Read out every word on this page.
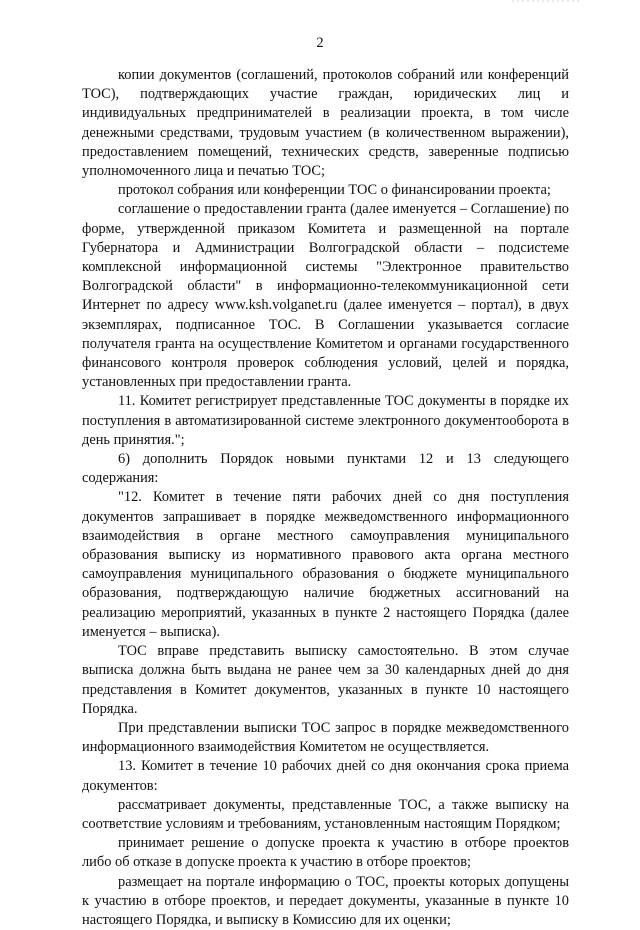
2

копии документов (соглашений, протоколов собраний или конференций ТОС), подтверждающих участие граждан, юридических лиц и индивидуальных предпринимателей в реализации проекта, в том числе денежными средствами, трудовым участием (в количественном выражении), предоставлением помещений, технических средств, заверенные подписью уполномоченного лица и печатью ТОС;

протокол собрания или конференции ТОС о финансировании проекта;

соглашение о предоставлении гранта (далее именуется – Соглашение) по форме, утвержденной приказом Комитета и размещенной на портале Губернатора и Администрации Волгоградской области – подсистеме комплексной информационной системы "Электронное правительство Волгоградской области" в информационно-телекоммуникационной сети Интернет по адресу www.ksh.volganet.ru (далее именуется – портал), в двух экземплярах, подписанное ТОС. В Соглашении указывается согласие получателя гранта на осуществление Комитетом и органами государственного финансового контроля проверок соблюдения условий, целей и порядка, установленных при предоставлении гранта.

11. Комитет регистрирует представленные ТОС документы в порядке их поступления в автоматизированной системе электронного документооборота в день принятия.";

6) дополнить Порядок новыми пунктами 12 и 13 следующего содержания:

"12. Комитет в течение пяти рабочих дней со дня поступления документов запрашивает в порядке межведомственного информационного взаимодействия в органе местного самоуправления муниципального образования выписку из нормативного правового акта органа местного самоуправления муниципального образования о бюджете муниципального образования, подтверждающую наличие бюджетных ассигнований на реализацию мероприятий, указанных в пункте 2 настоящего Порядка (далее именуется – выписка).

ТОС вправе представить выписку самостоятельно. В этом случае выписка должна быть выдана не ранее чем за 30 календарных дней до дня представления в Комитет документов, указанных в пункте 10 настоящего Порядка.

При представлении выписки ТОС запрос в порядке межведомственного информационного взаимодействия Комитетом не осуществляется.

13. Комитет в течение 10 рабочих дней со дня окончания срока приема документов:

рассматривает документы, представленные ТОС, а также выписку на соответствие условиям и требованиям, установленным настоящим Порядком;

принимает решение о допуске проекта к участию в отборе проектов либо об отказе в допуске проекта к участию в отборе проектов;

размещает на портале информацию о ТОС, проекты которых допущены к участию в отборе проектов, и передает документы, указанные в пункте 10 настоящего Порядка, и выписку в Комиссию для их оценки;
